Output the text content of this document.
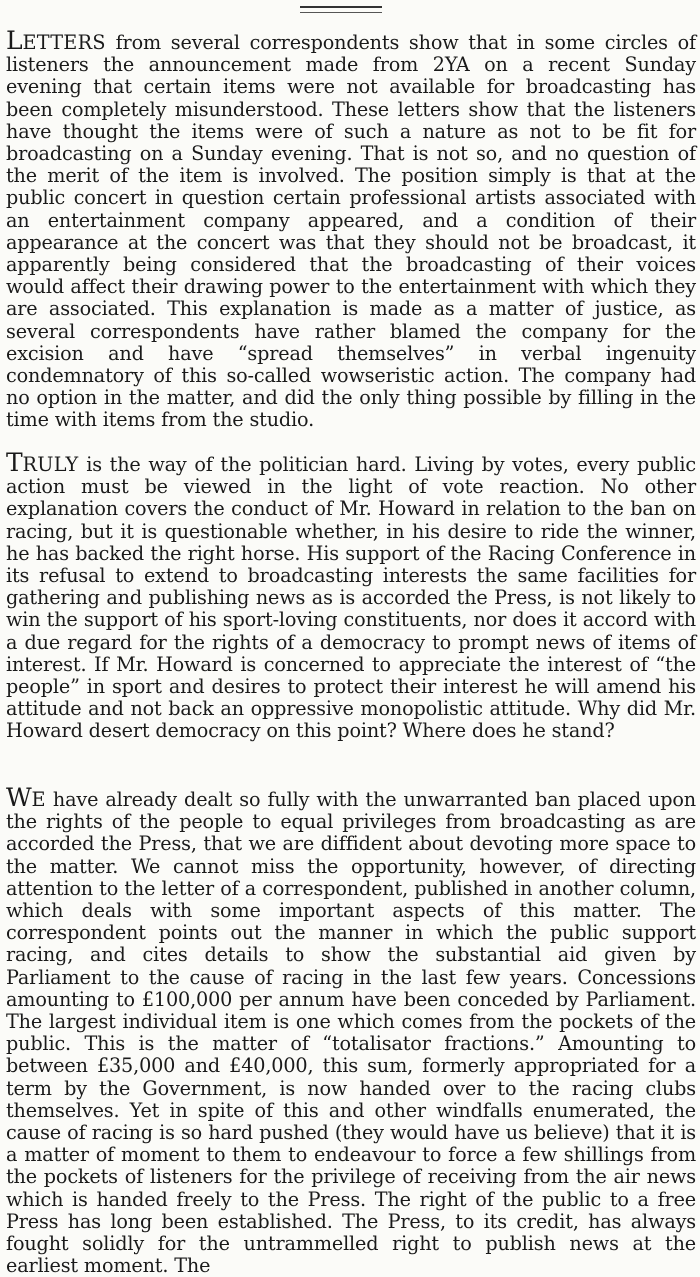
LETTERS from several correspondents show that in some circles of listeners the announcement made from 2YA on a recent Sunday evening that certain items were not available for broadcasting has been completely misunderstood. These letters show that the listeners have thought the items were of such a nature as not to be fit for broadcasting on a Sunday evening. That is not so, and no question of the merit of the item is involved. The position simply is that at the public concert in question certain professional artists associated with an entertainment company appeared, and a condition of their appearance at the concert was that they should not be broadcast, it apparently being considered that the broadcasting of their voices would affect their drawing power to the entertainment with which they are associated. This explanation is made as a matter of justice, as several correspondents have rather blamed the company for the excision and have “spread themselves” in verbal ingenuity condemnatory of this so-called wowseristic action. The company had no option in the matter, and did the only thing possible by filling in the time with items from the studio.

TRULY is the way of the politician hard. Living by votes, every public action must be viewed in the light of vote reaction. No other explanation covers the conduct of Mr. Howard in relation to the ban on racing, but it is questionable whether, in his desire to ride the winner, he has backed the right horse. His support of the Racing Conference in its refusal to extend to broadcasting interests the same facilities for gathering and publishing news as is accorded the Press, is not likely to win the support of his sport-loving constituents, nor does it accord with a due regard for the rights of a democracy to prompt news of items of interest. If Mr. Howard is concerned to appreciate the interest of “the people” in sport and desires to protect their interest he will amend his attitude and not back an oppressive monopolistic attitude. Why did Mr. Howard desert democracy on this point? Where does he stand?

WE have already dealt so fully with the unwarranted ban placed upon the rights of the people to equal privileges from broadcasting as are accorded the Press, that we are diffident about devoting more space to the matter. We cannot miss the opportunity, however, of directing attention to the letter of a correspondent, published in another column, which deals with some important aspects of this matter. The correspondent points out the manner in which the public support racing, and cites details to show the substantial aid given by Parliament to the cause of racing in the last few years. Concessions amounting to £100,000 per annum have been conceded by Parliament. The largest individual item is one which comes from the pockets of the public. This is the matter of “totalisator fractions.” Amounting to between £35,000 and £40,000, this sum, formerly appropriated for a term by the Government, is now handed over to the racing clubs themselves. Yet in spite of this and other windfalls enumerated, the cause of racing is so hard pushed (they would have us believe) that it is a matter of moment to them to endeavour to force a few shillings from the pockets of listeners for the privilege of receiving from the air news which is handed freely to the Press. The right of the public to a free Press has long been established. The Press, to its credit, has always fought solidly for the untrammelled right to publish news at the earliest moment. The
